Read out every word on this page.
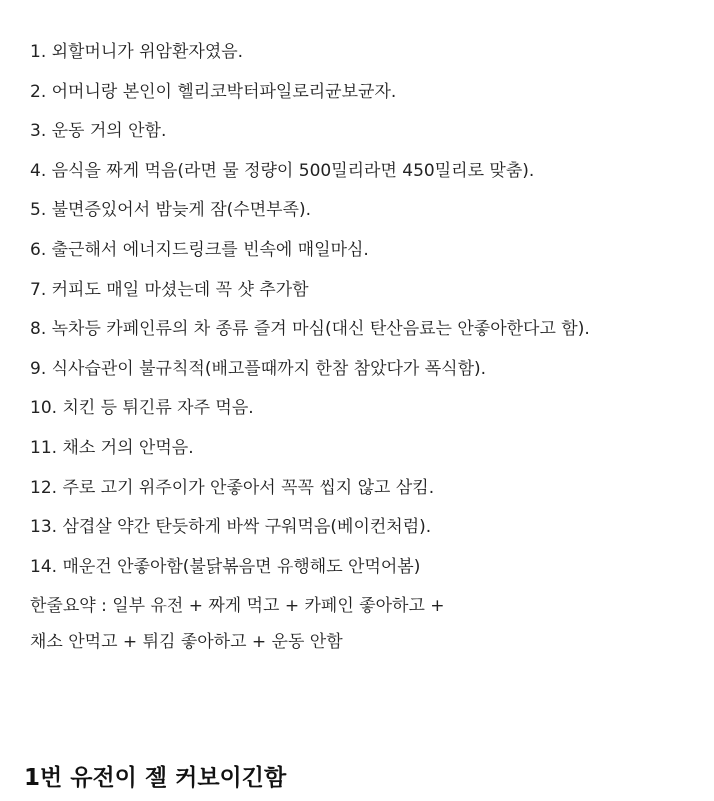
1. 외할머니가 위암환자였음.
2. 어머니랑 본인이 헬리코박터파일로리균보균자.
3. 운동 거의 안함.
4. 음식을 짜게 먹음(라면 물 정량이 500밀리라면 450밀리로 맞춤).
5. 불면증있어서 밤늦게 잠(수면부족).
6. 출근해서 에너지드링크를 빈속에 매일마심.
7. 커피도 매일 마셨는데 꼭 샷 추가함
8. 녹차등 카페인류의 차 종류 즐겨 마심(대신 탄산음료는 안좋아한다고 함).
9. 식사습관이 불규칙적(배고플때까지 한참 참았다가 폭식함).
10. 치킨 등 튀긴류 자주 먹음.
11. 채소 거의 안먹음.
12. 주로 고기 위주이가 안좋아서 꼭꼭 씹지 않고 삼킴.
13. 삼겹살 약간 탄듯하게 바싹 구워먹음(베이컨처럼).
14. 매운건 안좋아함(불닭볶음면 유행해도 안먹어봄)
한줄요약 : 일부 유전 + 짜게 먹고 + 카페인 좋아하고 +
채소 안먹고 + 튀김 좋아하고 + 운동 안함
1번 유전이 젤 커보이긴함
